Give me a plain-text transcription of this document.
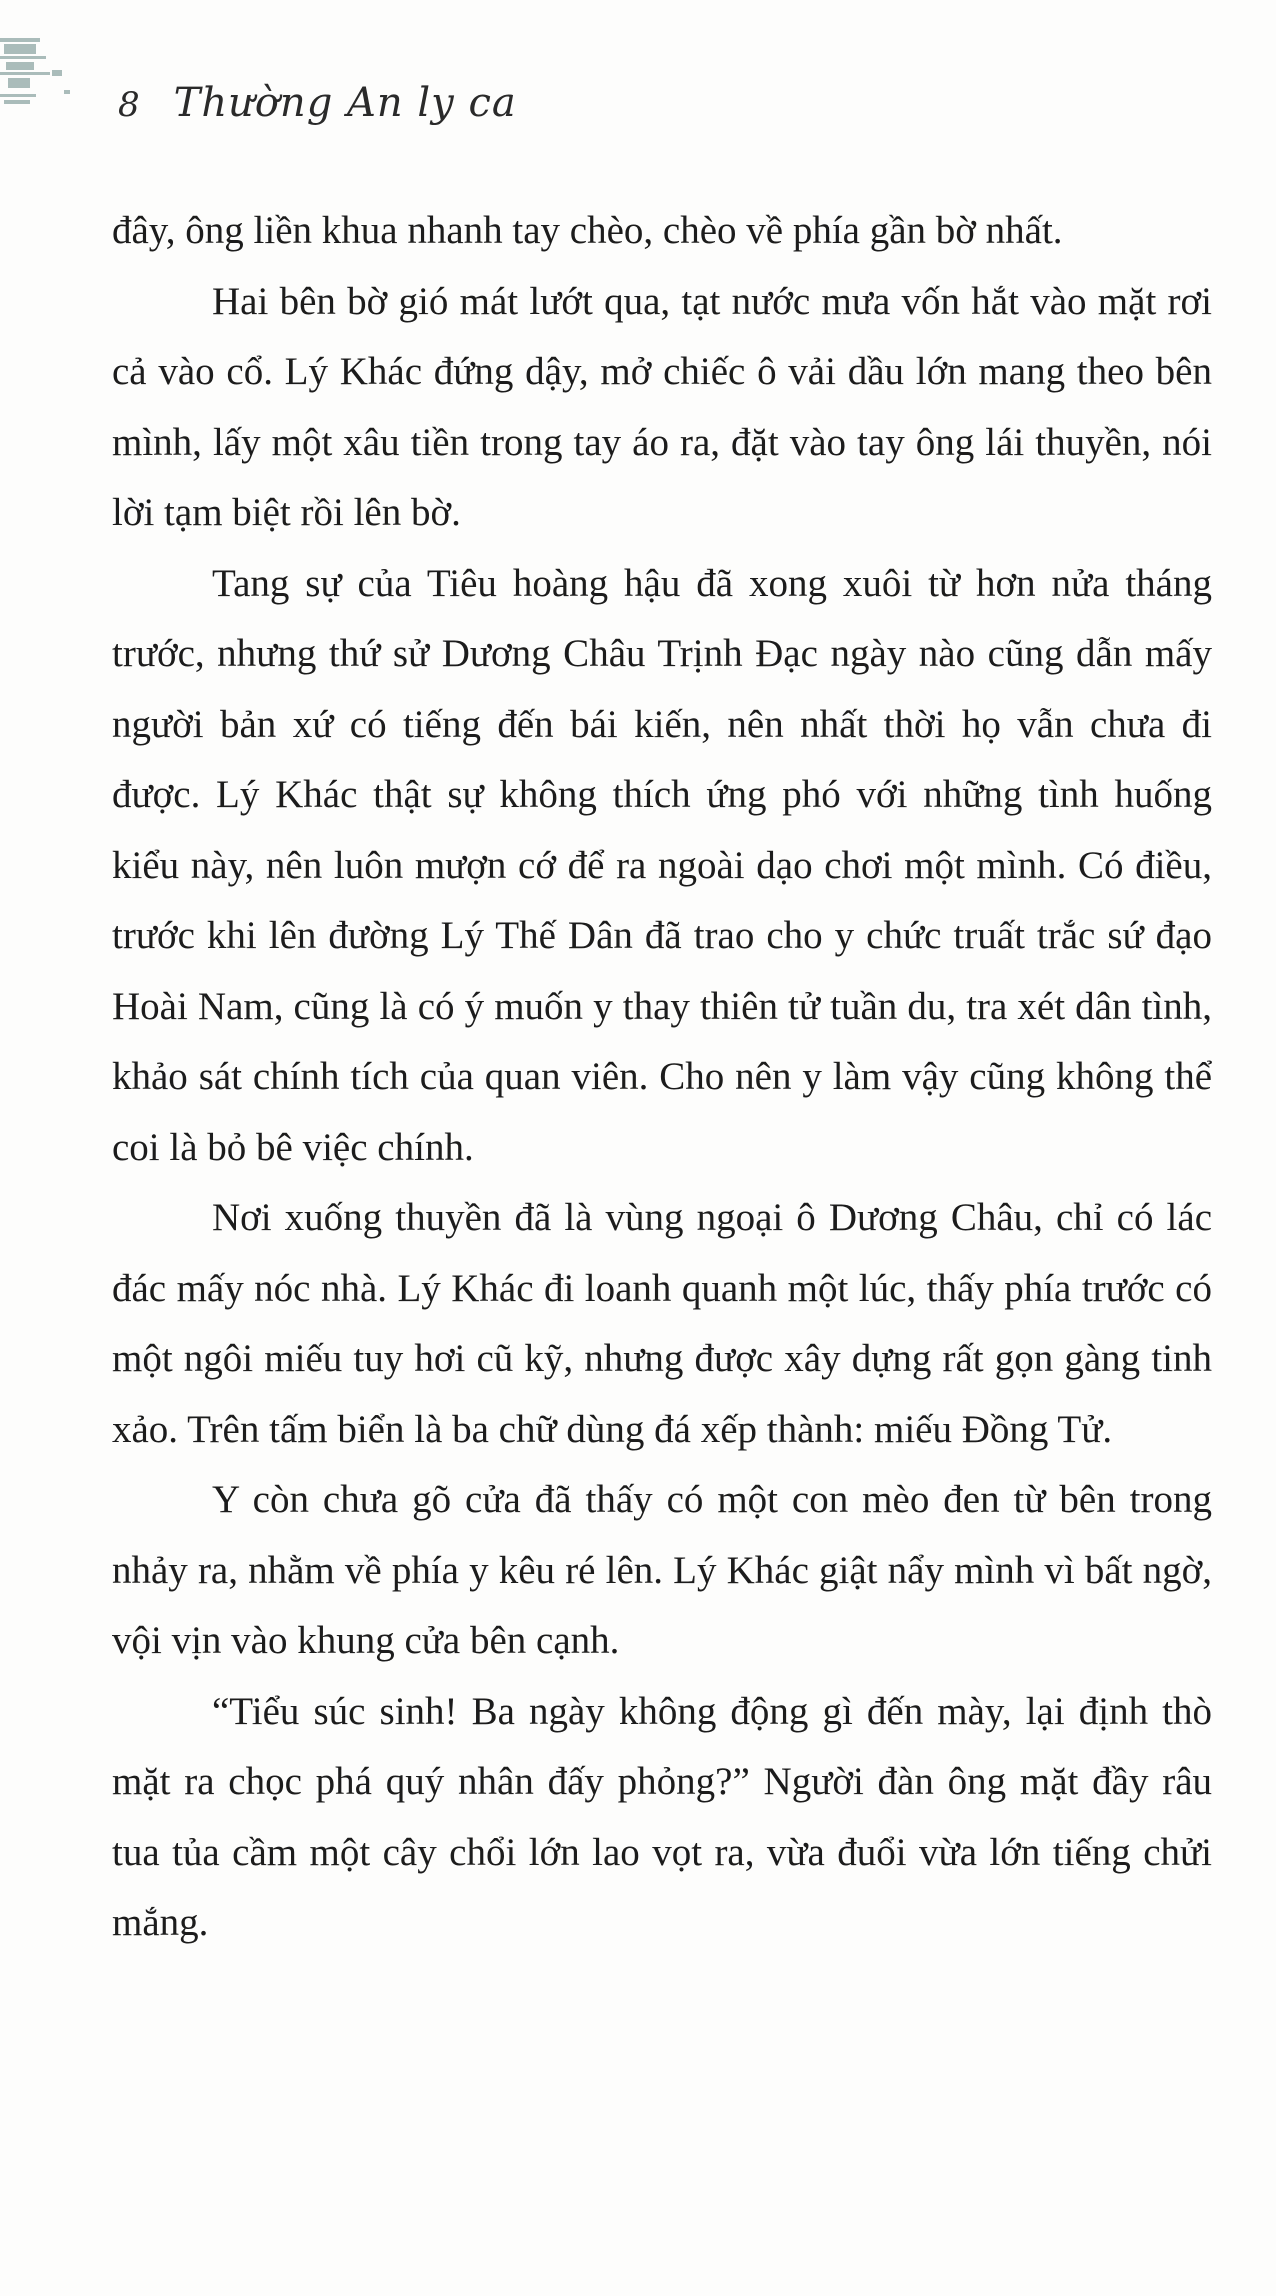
8 Thường An ly ca

đây, ông liền khua nhanh tay chèo, chèo về phía gần bờ nhất.

Hai bên bờ gió mát lướt qua, tạt nước mưa vốn hắt vào mặt rơi cả vào cổ. Lý Khác đứng dậy, mở chiếc ô vải dầu lớn mang theo bên mình, lấy một xâu tiền trong tay áo ra, đặt vào tay ông lái thuyền, nói lời tạm biệt rồi lên bờ.

Tang sự của Tiêu hoàng hậu đã xong xuôi từ hơn nửa tháng trước, nhưng thứ sử Dương Châu Trịnh Đạc ngày nào cũng dẫn mấy người bản xứ có tiếng đến bái kiến, nên nhất thời họ vẫn chưa đi được. Lý Khác thật sự không thích ứng phó với những tình huống kiểu này, nên luôn mượn cớ để ra ngoài dạo chơi một mình. Có điều, trước khi lên đường Lý Thế Dân đã trao cho y chức truất trắc sứ đạo Hoài Nam, cũng là có ý muốn y thay thiên tử tuần du, tra xét dân tình, khảo sát chính tích của quan viên. Cho nên y làm vậy cũng không thể coi là bỏ bê việc chính.

Nơi xuống thuyền đã là vùng ngoại ô Dương Châu, chỉ có lác đác mấy nóc nhà. Lý Khác đi loanh quanh một lúc, thấy phía trước có một ngôi miếu tuy hơi cũ kỹ, nhưng được xây dựng rất gọn gàng tinh xảo. Trên tấm biển là ba chữ dùng đá xếp thành: miếu Đồng Tử.

Y còn chưa gõ cửa đã thấy có một con mèo đen từ bên trong nhảy ra, nhằm về phía y kêu ré lên. Lý Khác giật nẩy mình vì bất ngờ, vội vịn vào khung cửa bên cạnh.

“Tiểu súc sinh! Ba ngày không động gì đến mày, lại định thò mặt ra chọc phá quý nhân đấy phỏng?” Người đàn ông mặt đầy râu tua tủa cầm một cây chổi lớn lao vọt ra, vừa đuổi vừa lớn tiếng chửi mắng.
